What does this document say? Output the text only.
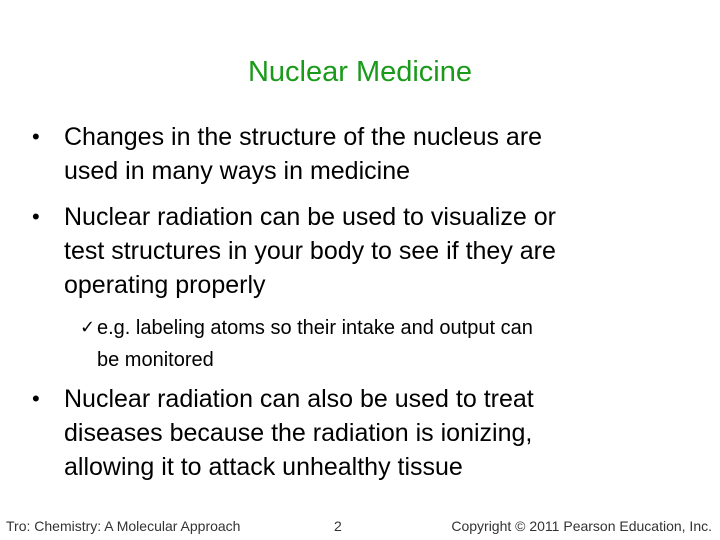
Nuclear Medicine
• Changes in the structure of the nucleus are
used in many ways in medicine
• Nuclear radiation can be used to visualize or
test structures in your body to see if they are
operating properly
✓ e.g. labeling atoms so their intake and output can
be monitored
• Nuclear radiation can also be used to treat
diseases because the radiation is ionizing,
allowing it to attack unhealthy tissue
Tro: Chemistry: A Molecular Approach	2	Copyright © 2011 Pearson Education, Inc.
